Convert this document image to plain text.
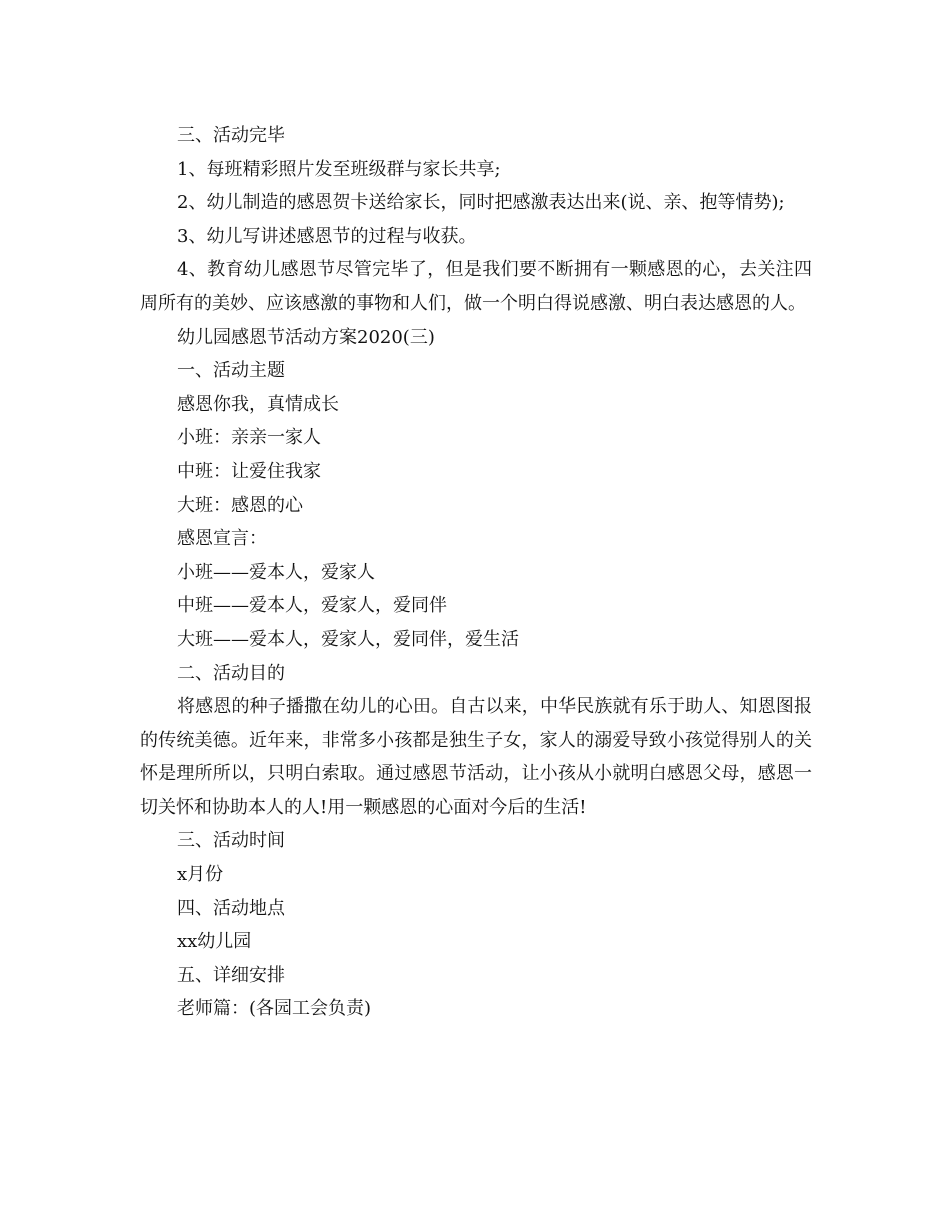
三、活动完毕

1、每班精彩照片发至班级群与家长共享;

2、幼儿制造的感恩贺卡送给家长，同时把感激表达出来(说、亲、抱等情势);

3、幼儿写讲述感恩节的过程与收获。

4、教育幼儿感恩节尽管完毕了，但是我们要不断拥有一颗感恩的心，去关注四周所有的美妙、应该感激的事物和人们，做一个明白得说感激、明白表达感恩的人。

幼儿园感恩节活动方案2020(三)

一、活动主题

感恩你我，真情成长

小班：亲亲一家人

中班：让爱住我家

大班：感恩的心

感恩宣言：

小班——爱本人，爱家人

中班——爱本人，爱家人，爱同伴

大班——爱本人，爱家人，爱同伴，爱生活

二、活动目的

将感恩的种子播撒在幼儿的心田。自古以来，中华民族就有乐于助人、知恩图报的传统美德。近年来，非常多小孩都是独生子女，家人的溺爱导致小孩觉得别人的关怀是理所所以，只明白索取。通过感恩节活动，让小孩从小就明白感恩父母，感恩一切关怀和协助本人的人!用一颗感恩的心面对今后的生活!

三、活动时间

x月份

四、活动地点

xx幼儿园

五、详细安排

老师篇：(各园工会负责)
